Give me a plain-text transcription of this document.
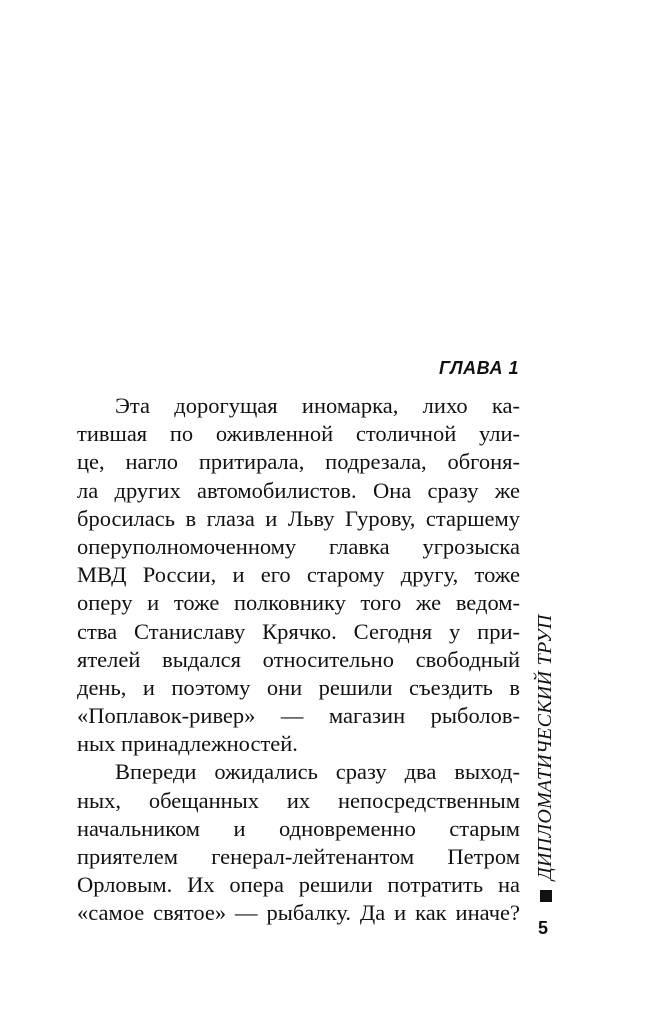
ГЛАВА 1
Эта дорогущая иномарка, лихо ка-
тившая по оживленной столичной ули-
це, нагло притирала, подрезала, обгоня-
ла других автомобилистов. Она сразу же
бросилась в глаза и Льву Гурову, старшему
оперуполномоченному главка угрозыска
МВД России, и его старому другу, тоже
оперу и тоже полковнику того же ведом-
ства Станиславу Крячко. Сегодня у при-
ятелей выдался относительно свободный
день, и поэтому они решили съездить в
«Поплавок-ривер» — магазин рыболов-
ных принадлежностей.
Впереди ожидались сразу два выход-
ных, обещанных их непосредственным
начальником и одновременно старым
приятелем генерал-лейтенантом Петром
Орловым. Их опера решили потратить на
«самое святое» — рыбалку. Да и как иначе?
ДИПЛОМАТИЧЕСКИЙ ТРУП
5
